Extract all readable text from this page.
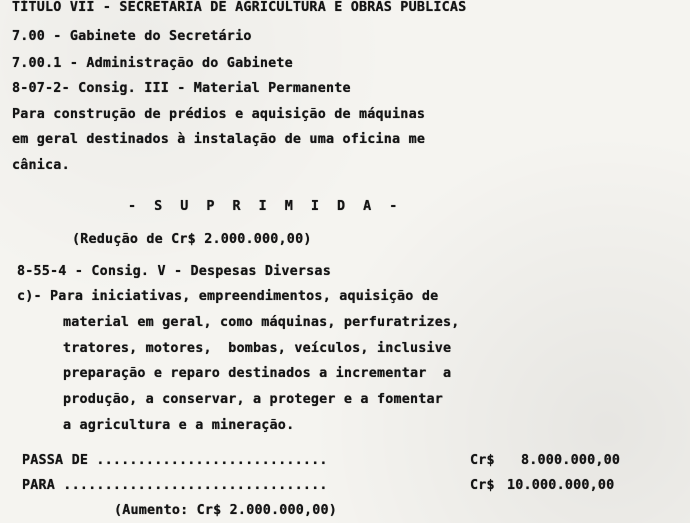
TÍTULO VII - SECRETARIA DE AGRICULTURA E OBRAS PÚBLICAS
7.00 - Gabinete do Secretário
7.00.1 - Administração do Gabinete
8-07-2- Consig. III - Material Permanente
Para construção de prédios e aquisição de máquinas
em geral destinados à instalação de uma oficina me
cânica.
- S U P R I M I D A -
(Redução de Cr$ 2.000.000,00)
8-55-4 - Consig. V - Despesas Diversas
c)- Para iniciativas, empreendimentos, aquisição de
material em geral, como máquinas, perfuratrizes,
tratores, motores,  bombas, veículos, inclusive
preparação e reparo destinados a incrementar  a
produção, a conservar, a proteger e a fomentar
a agricultura e a mineração.
PASSA DE ............................	Cr$ 8.000.000,00
PARA ................................	Cr$ 10.000.000,00
(Aumento: Cr$ 2.000.000,00)
